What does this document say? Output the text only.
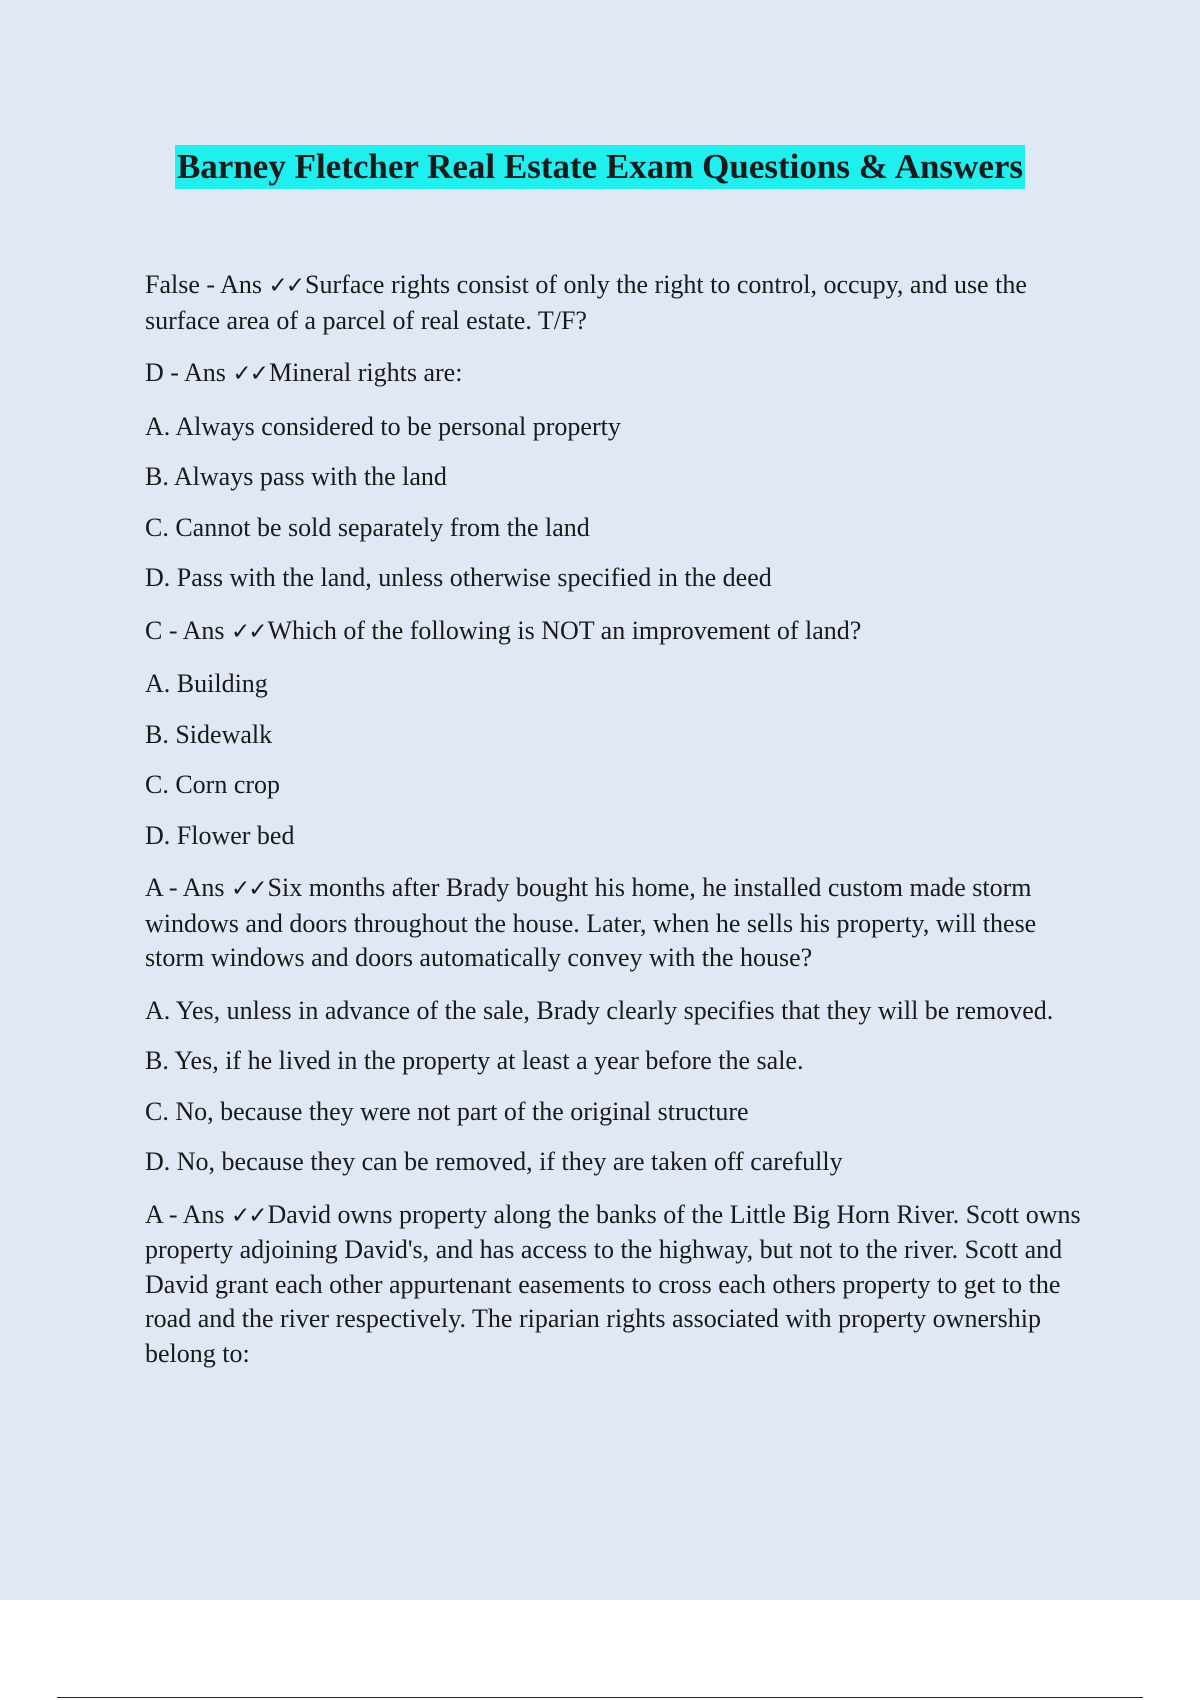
Barney Fletcher Real Estate Exam Questions & Answers

False - Ans ✓✓Surface rights consist of only the right to control, occupy, and use the surface area of a parcel of real estate. T/F?

D - Ans ✓✓Mineral rights are:

A. Always considered to be personal property

B. Always pass with the land

C. Cannot be sold separately from the land

D. Pass with the land, unless otherwise specified in the deed

C - Ans ✓✓Which of the following is NOT an improvement of land?

A. Building

B. Sidewalk

C. Corn crop

D. Flower bed

A - Ans ✓✓Six months after Brady bought his home, he installed custom made storm windows and doors throughout the house. Later, when he sells his property, will these storm windows and doors automatically convey with the house?

A. Yes, unless in advance of the sale, Brady clearly specifies that they will be removed.

B. Yes, if he lived in the property at least a year before the sale.

C. No, because they were not part of the original structure

D. No, because they can be removed, if they are taken off carefully

A - Ans ✓✓David owns property along the banks of the Little Big Horn River. Scott owns property adjoining David's, and has access to the highway, but not to the river. Scott and David grant each other appurtenant easements to cross each others property to get to the road and the river respectively. The riparian rights associated with property ownership belong to:
